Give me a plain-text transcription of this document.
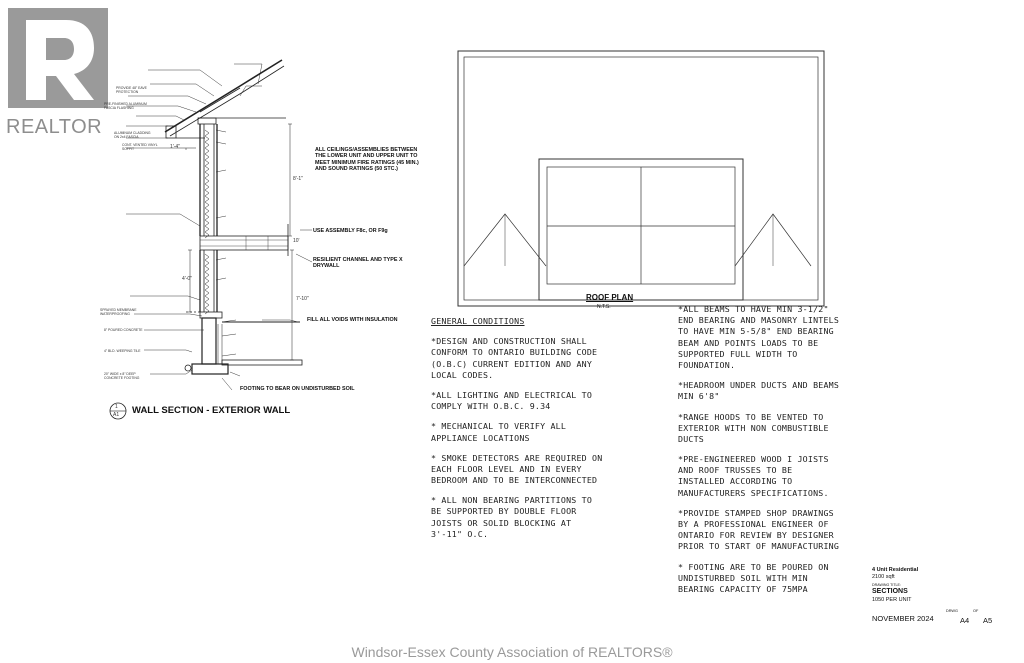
REALTOR
PROVIDE 48" EAVE PROTECTION
PRE-FINISHED ALUMINUM FASCIA FLASHING
ALUMINUM CLADDING ON 2x4 FASCIA
CONT. VENTED VINYL SOFFIT
SPRAYED MEMBRANE WATERPROOFING
8" POURED CONCRETE
4" BLD. WEEPING TILE
20" WIDE x 8" DEEP CONCRETE FOOTING
1'-4"
8'-1"
10'
4'-0"
7'-10"
ALL CEILINGS/ASSEMBLIES BETWEEN THE LOWER UNIT AND UPPER UNIT TO MEET MINIMUM FIRE RATINGS (45 MIN.) AND SOUND RATINGS (50 STC.)
USE ASSEMBLY F8c, OR F9g
RESILIENT CHANNEL AND TYPE X DRYWALL
FILL ALL VOIDS WITH INSULATION
FOOTING TO BEAR ON UNDISTURBED SOIL
1
A1 WALL SECTION - EXTERIOR WALL
ROOF PLAN
N.T.S.

GENERAL CONDITIONS

*DESIGN AND CONSTRUCTION SHALL CONFORM TO ONTARIO BUILDING CODE (O.B.C) CURRENT EDITION AND ANY LOCAL CODES.

*ALL LIGHTING AND ELECTRICAL TO COMPLY WITH O.B.C. 9.34

* MECHANICAL TO VERIFY ALL APPLIANCE LOCATIONS

* SMOKE DETECTORS ARE REQUIRED ON EACH FLOOR LEVEL AND IN EVERY BEDROOM AND TO BE INTERCONNECTED

* ALL NON BEARING PARTITIONS TO BE SUPPORTED BY DOUBLE FLOOR JOISTS OR SOLID BLOCKING AT 3'-11" O.C.

*ALL BEAMS TO HAVE MIN 3-1/2" END BEARING AND MASONRY LINTELS TO HAVE MIN 5-5/8" END BEARING BEAM AND POINTS LOADS TO BE SUPPORTED FULL WIDTH TO FOUNDATION.

*HEADROOM UNDER DUCTS AND BEAMS MIN 6'8"

*RANGE HOODS TO BE VENTED TO EXTERIOR WITH NON COMBUSTIBLE DUCTS

*PRE-ENGINEERED WOOD I JOISTS AND ROOF TRUSSES TO BE INSTALLED ACCORDING TO MANUFACTURERS SPECIFICATIONS.

*PROVIDE STAMPED SHOP DRAWINGS BY A PROFESSIONAL ENGINEER OF ONTARIO FOR REVIEW BY DESIGNER PRIOR TO START OF MANUFACTURING

* FOOTING ARE TO BE POURED ON UNDISTURBED SOIL WITH MIN BEARING CAPACITY OF 75MPA

4 Unit Residential
2100 sqft
DRAWING TITLE:
SECTIONS
1050 PER UNIT
NOVEMBER 2024
DRWG	OF
A4 A5
Windsor-Essex County Association of REALTORS®
